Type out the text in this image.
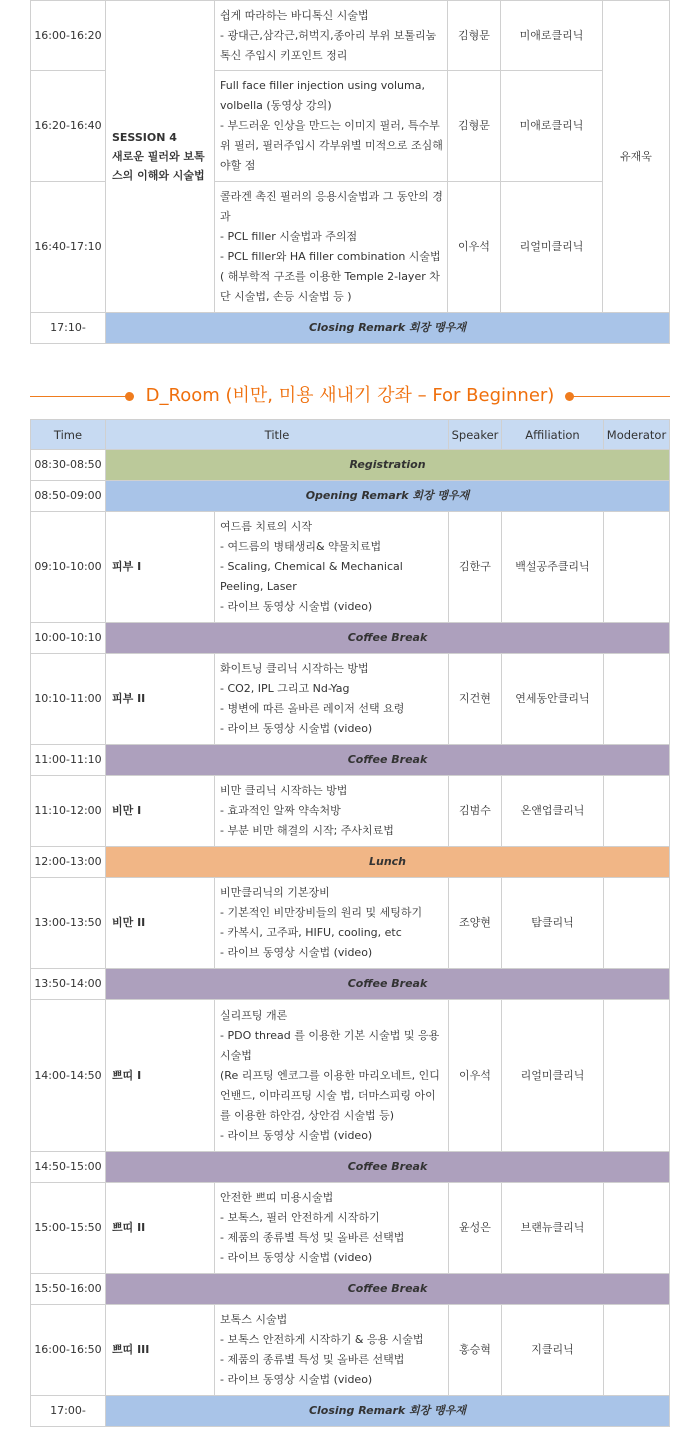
16:00-16:20	SESSION 4
새로운 필러와 보톡스의 이해와 시술법	쉽게 따라하는 바디톡신 시술법
- 광대근,삼각근,허벅지,종아리 부위 보툴리눔 톡신 주입시 키포인트 정리	김형문	미애로클리닉	유재욱
16:20-16:40		Full face filler injection using voluma, volbella (동영상 강의)
- 부드러운 인상을 만드는 이미지 필러, 특수부위 필러, 필러주입시 각부위별 미적으로 조심해야할 점	김형문	미애로클리닉	
16:40-17:10		콜라겐 촉진 필러의 응용시술법과 그 동안의 경과
- PCL filler 시술법과 주의점
- PCL filler와 HA filler combination 시술법
( 해부학적 구조를 이용한 Temple 2-layer 차단 시술법, 손등 시술법 등 )	이우석	리얼미클리닉	
17:10-	Closing Remark 회장 맹우재				
D_Room (비만, 미용 새내기 강좌 – For Beginner)
Time	Title		Speaker	Affiliation	Moderator
08:30-08:50	Registration				
08:50-09:00	Opening Remark 회장 맹우재				
09:10-10:00	피부 I	여드름 치료의 시작
- 여드름의 병태생리& 약물치료법
- Scaling, Chemical & Mechanical Peeling, Laser
- 라이브 동영상 시술법 (video)	김한구	백설공주클리닉	
10:00-10:10	Coffee Break				
10:10-11:00	피부 II	화이트닝 클리닉 시작하는 방법
- CO2, IPL 그리고 Nd-Yag
- 병변에 따른 올바른 레이저 선택 요령
- 라이브 동영상 시술법 (video)	지건현	연세동안클리닉	
11:00-11:10	Coffee Break				
11:10-12:00	비만 I	비만 클리닉 시작하는 방법
- 효과적인 알짜 약속처방
- 부분 비만 해결의 시작; 주사치료법	김범수	온앤업클리닉	
12:00-13:00	Lunch				
13:00-13:50	비만 II	비만클리닉의 기본장비
- 기본적인 비만장비들의 원리 및 세팅하기
- 카복시, 고주파, HIFU, cooling, etc
- 라이브 동영상 시술법 (video)	조양현	탐클리닉	
13:50-14:00	Coffee Break				
14:00-14:50	쁘띠 I	실리프팅 개론
- PDO thread 를 이용한 기본 시술법 및 응용시술법
(Re 리프팅 엔코그를 이용한 마리오네트, 인디언밴드, 이마리프팅 시술 법, 더마스피링 아이를 이용한 하안검, 상안검 시술법 등)
- 라이브 동영상 시술법 (video)	이우석	리얼미클리닉	
14:50-15:00	Coffee Break				
15:00-15:50	쁘띠 II	안전한 쁘띠 미용시술법
- 보톡스, 필러 안전하게 시작하기
- 제품의 종류별 특성 및 올바른 선택법
- 라이브 동영상 시술법 (video)	윤성은	브랜뉴클리닉	
15:50-16:00	Coffee Break				
16:00-16:50	쁘띠 III	보톡스 시술법
- 보톡스 안전하게 시작하기 & 응용 시술법
- 제품의 종류별 특성 및 올바른 선택법
- 라이브 동영상 시술법 (video)	홍승혁	지클리닉	
17:00-	Closing Remark 회장 맹우재				
